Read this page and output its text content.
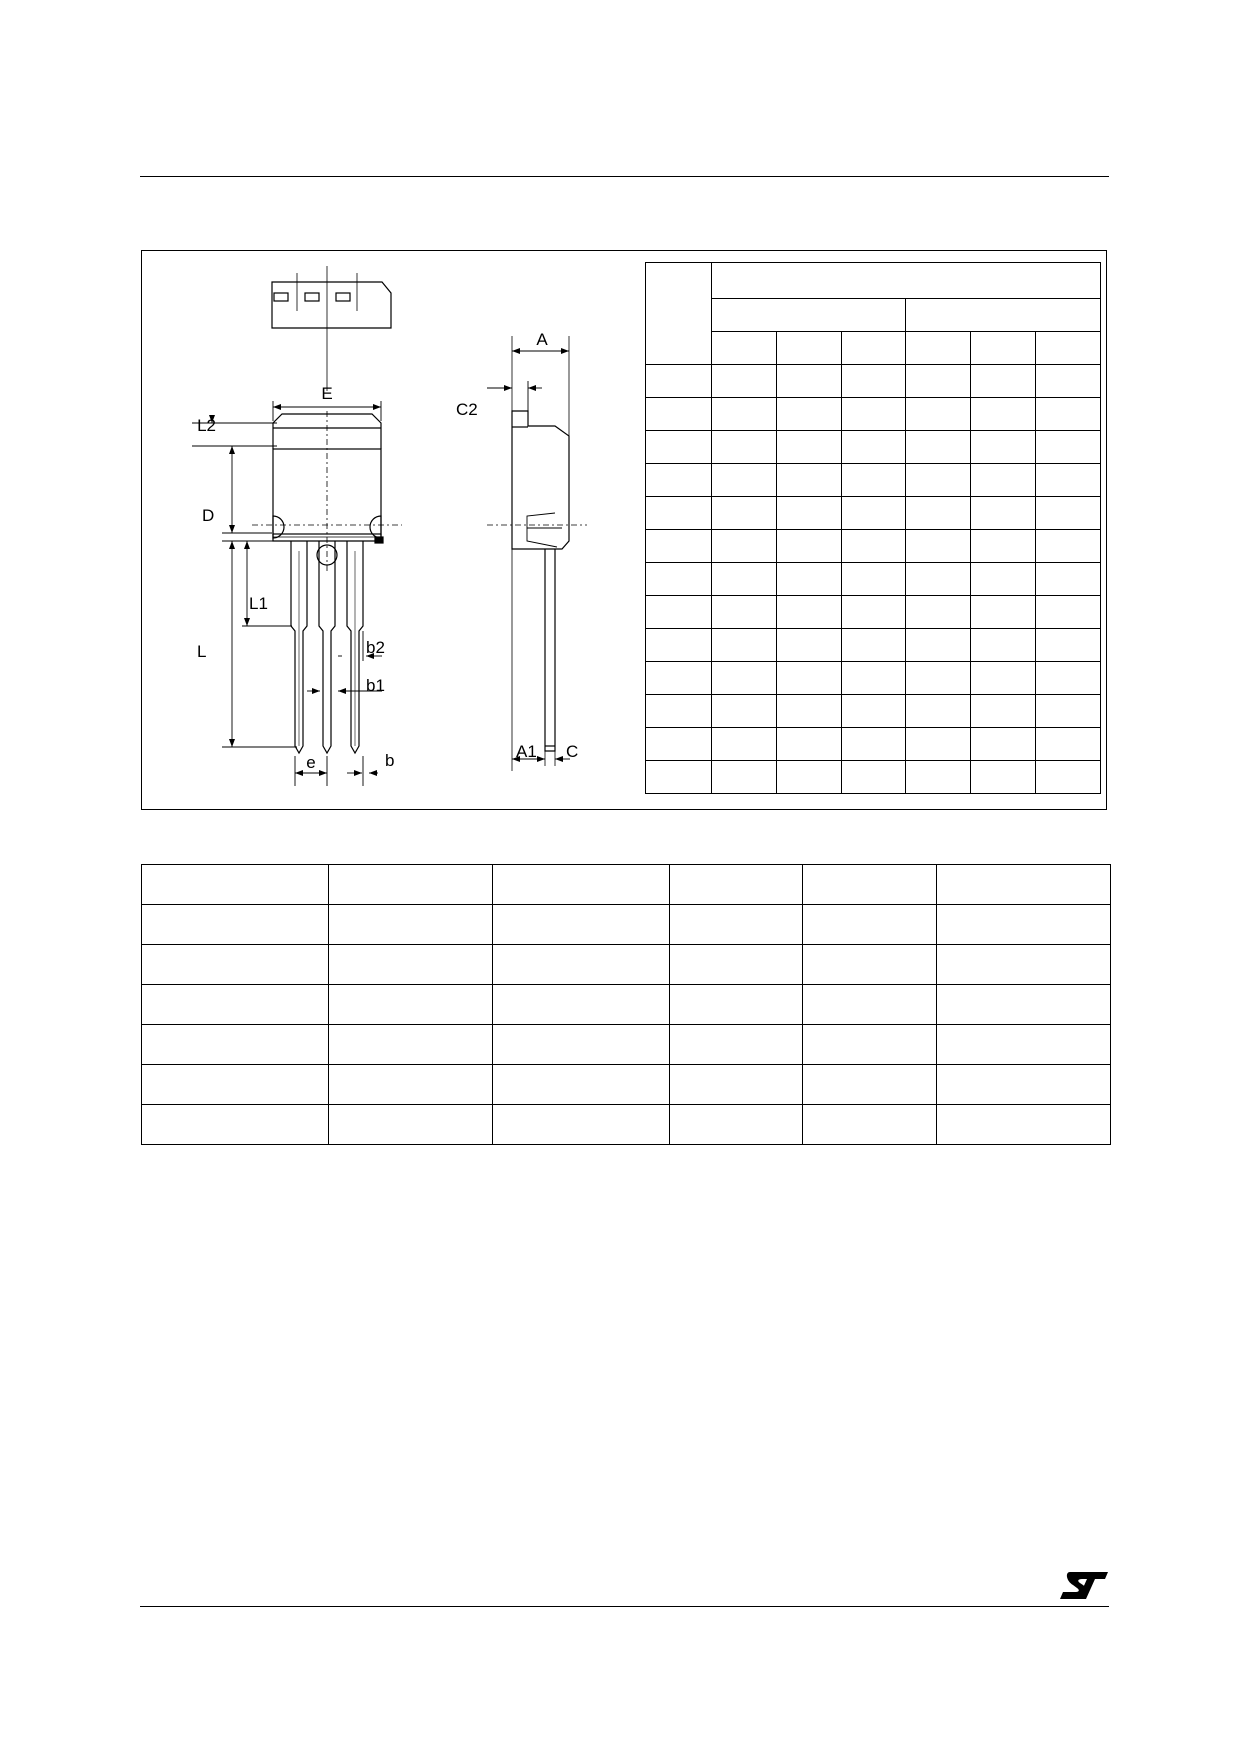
E
L2
D
L1
L	b2
b1
e	b
A
C2
A1 C
